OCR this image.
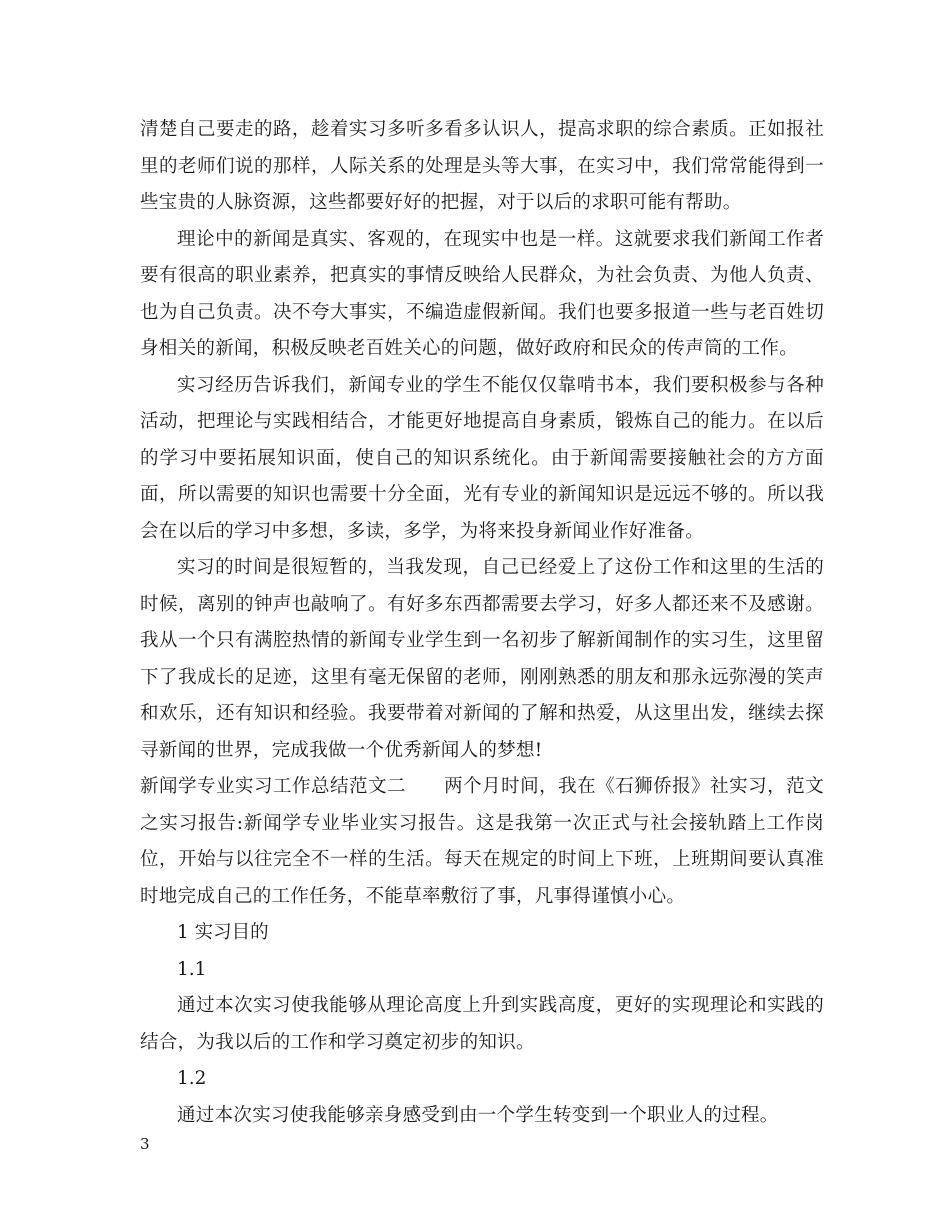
清楚自己要走的路，趁着实习多听多看多认识人，提高求职的综合素质。正如报社里的老师们说的那样，人际关系的处理是头等大事，在实习中，我们常常能得到一些宝贵的人脉资源，这些都要好好的把握，对于以后的求职可能有帮助。

理论中的新闻是真实、客观的，在现实中也是一样。这就要求我们新闻工作者要有很高的职业素养，把真实的事情反映给人民群众，为社会负责、为他人负责、也为自己负责。决不夸大事实，不编造虚假新闻。我们也要多报道一些与老百姓切身相关的新闻，积极反映老百姓关心的问题，做好政府和民众的传声筒的工作。

实习经历告诉我们，新闻专业的学生不能仅仅靠啃书本，我们要积极参与各种活动，把理论与实践相结合，才能更好地提高自身素质，锻炼自己的能力。在以后的学习中要拓展知识面，使自己的知识系统化。由于新闻需要接触社会的方方面面，所以需要的知识也需要十分全面，光有专业的新闻知识是远远不够的。所以我会在以后的学习中多想，多读，多学，为将来投身新闻业作好准备。

实习的时间是很短暂的，当我发现，自己已经爱上了这份工作和这里的生活的时候，离别的钟声也敲响了。有好多东西都需要去学习，好多人都还来不及感谢。我从一个只有满腔热情的新闻专业学生到一名初步了解新闻制作的实习生，这里留下了我成长的足迹，这里有毫无保留的老师，刚刚熟悉的朋友和那永远弥漫的笑声和欢乐，还有知识和经验。我要带着对新闻的了解和热爱，从这里出发，继续去探寻新闻的世界，完成我做一个优秀新闻人的梦想!

新闻学专业实习工作总结范文二　　两个月时间，我在《石狮侨报》社实习，范文之实习报告:新闻学专业毕业实习报告。这是我第一次正式与社会接轨踏上工作岗位，开始与以往完全不一样的生活。每天在规定的时间上下班，上班期间要认真准时地完成自己的工作任务，不能草率敷衍了事，凡事得谨慎小心。

1 实习目的

1.1

通过本次实习使我能够从理论高度上升到实践高度，更好的实现理论和实践的结合，为我以后的工作和学习奠定初步的知识。

1.2

通过本次实习使我能够亲身感受到由一个学生转变到一个职业人的过程。

3
